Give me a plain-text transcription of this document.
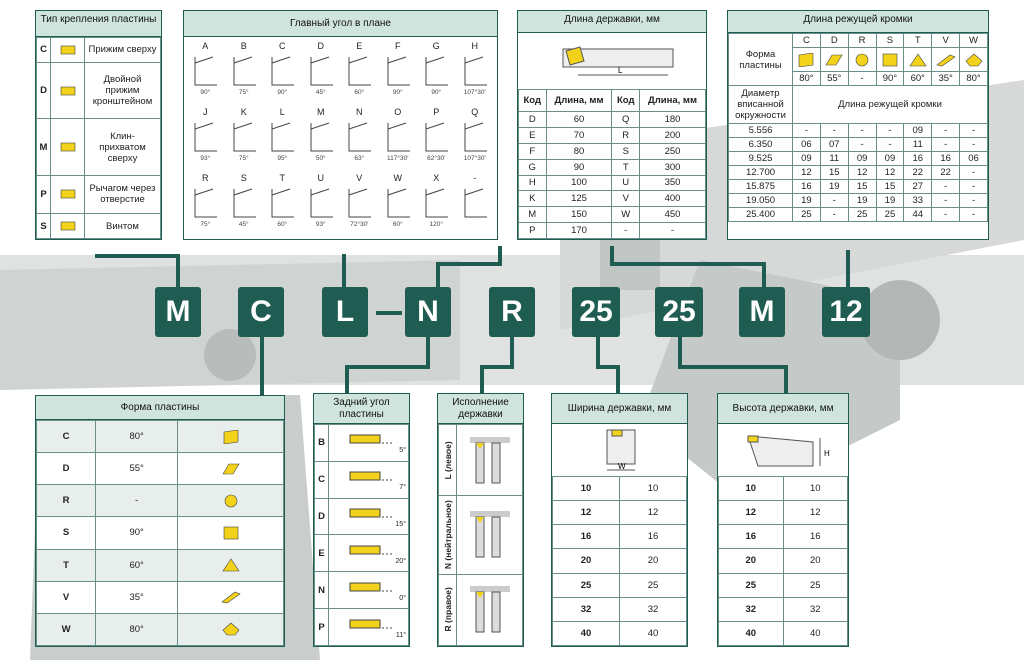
M	C	L	N	R	25 25	M	12
Тип крепления пластины
C		Прижим сверху
D		Двойной прижим кронштейном
M		Клин-прихватом сверху
P		Рычагом через отверстие
S		Винтом
Главный угол в плане
A
90°
B
75°
C
90°
D
45°
E
60°
F
90°
G
90°
H
107°30′
J
93°
K
75°
L
95°
M
50°
N
63°
O
117°30′
P
62°30′
Q
107°30′
R
75°
S
45°
T
60°
U
93°
V
72°30′
W
60°
X
120°
-
Длина державки, мм
L
Код	Длина, мм	Код	Длина, мм
D	60	Q	180
E	70	R	200
F	80	S	250
G	90	T	300
H	100	U	350
K	125	V	400
M	150	W	450
P	170	-	-
Длина режущей кромки
Форма пластины	C	D	R	S	T	V	W

	80°	55°	-	90°	60°	35°	80°
Диаметр вписанной окружности	Длина режущей кромки						
5.556	-	-	-	-	09	-	-
6.350	06	07	-	-	11	-	-
9.525	09	11	09	09	16	16	06
12.700	12	15	12	12	22	22	-
15.875	16	19	15	15	27	-	-
19.050	19	-	19	19	33	-	-
25.400	25	-	25	25	44	-	-
Форма пластины
C	80°	
D	55°	
R	-	
S	90°	
T	60°	
V	35°	
W	80°	
Задний угол пластины
B	5°

C	7°

D	15°

E	20°

N	0°

P	11°
Исполнение державки
L (левое)	
N (нейтральное)	
R (правое)	
Ширина державки, мм
W
10	10
12	12
16	16
20	20
25	25
32	32
40	40
Высота державки, мм
H
10	10
12	12
16	16
20	20
25	25
32	32
40	40
